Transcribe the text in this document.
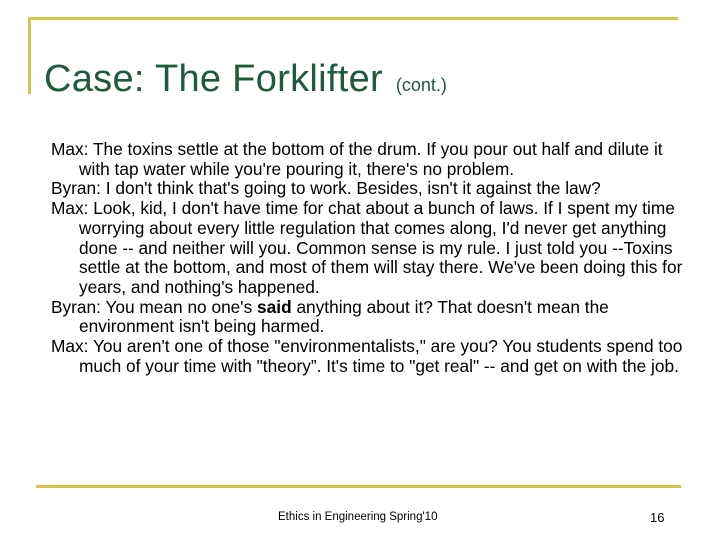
Case: The Forklifter (cont.)

Max: The toxins settle at the bottom of the drum. If you pour out half and dilute it with tap water while you're pouring it, there's no problem.

Byran: I don't think that's going to work. Besides, isn't it against the law?

Max: Look, kid, I don't have time for chat about a bunch of laws. If I spent my time worrying about every little regulation that comes along, I'd never get anything done -- and neither will you. Common sense is my rule. I just told you --Toxins settle at the bottom, and most of them will stay there. We've been doing this for years, and nothing's happened.

Byran: You mean no one's said anything about it? That doesn't mean the environment isn't being harmed.

Max: You aren't one of those "environmentalists," are you? You students spend too much of your time with "theory”. It's time to "get real" -- and get on with the job.

Ethics in Engineering Spring'10	16
